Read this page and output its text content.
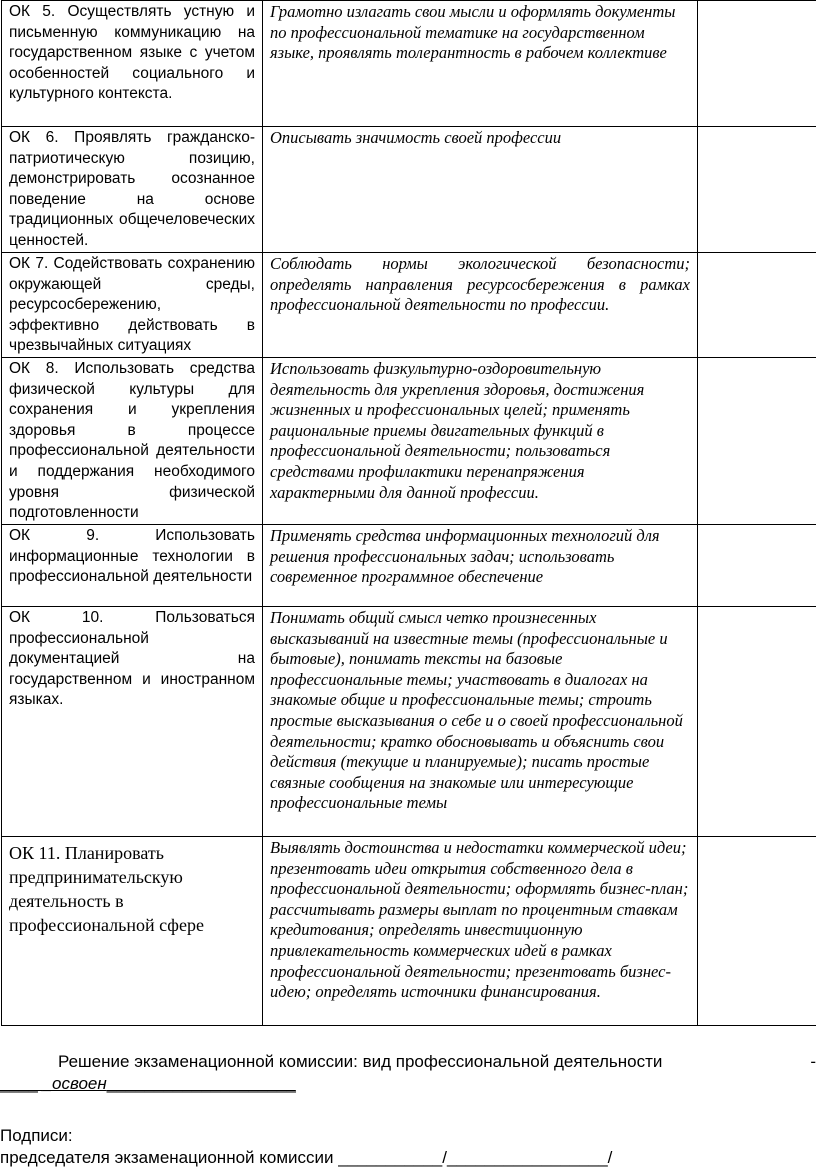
ОК 5. Осуществлять устную и письменную коммуникацию на государственном языке с учетом особенностей социального и культурного контекста.	Грамотно излагать свои мысли и оформлять документы по профессиональной тематике на государственном языке, проявлять толерантность в рабочем коллективе	
ОК 6. Проявлять гражданско-патриотическую позицию, демонстрировать осознанное поведение на основе традиционных общечеловеческих ценностей.	Описывать значимость своей профессии	
ОК 7. Содействовать сохранению окружающей среды, ресурсосбережению, эффективно действовать в чрезвычайных ситуациях	Соблюдать нормы экологической безопасности; определять направления ресурсосбережения в рамках профессиональной деятельности по профессии.	
ОК 8. Использовать средства физической культуры для сохранения и укрепления здоровья в процессе профессиональной деятельности и поддержания необходимого уровня физической подготовленности	Использовать физкультурно-оздоровительную деятельность для укрепления здоровья, достижения жизненных и профессиональных целей; применять рациональные приемы двигательных функций в профессиональной деятельности; пользоваться средствами профилактики перенапряжения характерными для данной профессии.	
ОК 9. Использовать информационные технологии в профессиональной деятельности	Применять средства информационных технологий для решения профессиональных задач; использовать современное программное обеспечение	
ОК 10. Пользоваться профессиональной документацией на государственном и иностранном языках.	Понимать общий смысл четко произнесенных высказываний на известные темы (профессиональные и бытовые), понимать тексты на базовые профессиональные темы; участвовать в диалогах на знакомые общие и профессиональные темы; строить простые высказывания о себе и о своей профессиональной деятельности; кратко обосновывать и объяснить свои действия (текущие и планируемые); писать простые связные сообщения на знакомые или интересующие профессиональные темы	
ОК 11. Планировать предпринимательскую деятельность в профессиональной сфере	Выявлять достоинства и недостатки коммерческой идеи; презентовать идеи открытия собственного дела в профессиональной деятельности; оформлять бизнес-план; рассчитывать размеры выплат по процентным ставкам кредитования; определять инвестиционную привлекательность коммерческих идей в рамках профессиональной деятельности; презентовать бизнес-идею; определять источники финансирования.	
Решение экзаменационной комиссии: вид профессиональной деятельности	-
____ _освоен____________________
Подписи:
председателя экзаменационной комиссии ___________/_________________/
